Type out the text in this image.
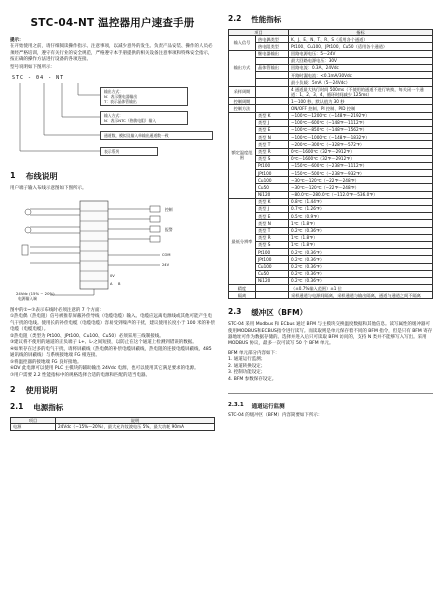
STC-04-NT 温控器用户速查手册

提示：

在开始使用之前，请仔细阅读操作指示、注意事项，以减少意外的发生。负责产品安装、操作的人员必须经严格培训，遵守有关行业的安全规范，严格遵守本手册提供的相关设备注意事项和特殊安全指示，按正确的操作方法进行设备的各项连接。

型号说明如下图所示：

STC - 04 - NT
输出方式：
N：表示继电器输出
T：表示晶体管输出
输入方式：
N：表示NTC（热敏电阻）输入
通道数，模拟及输入单输出通道数一致
表示系列
1 布线说明

用户端子输入布线示意图如下图所示。

控制
报警
COM
24V
0V
A B
24Vdc (15% ~ 20%)
电源输入端

图中的①~⑦表示布线时必须注意的 7 个方面：

①热电偶（热电阻）信号被推荐屏蔽补偿导线（电缆电缆）输入。电缆应远离电源线或其他可能产生电气干扰的电线。使用长的补偿电缆（电缆电缆）容易受到噪声的干扰，建议使用长度小于 100 米的补偿电缆（电缆电缆）。

②热电阻（类型为 Pt100、JPt100、Cu100、Cu50）必须采用三线制接线。

③建议将不使用的通道的正负端子 L+、L-之间短接，以防止在这个通道上检测到错误的数据。

④如果存在过多的电气干扰，请将屏蔽线（热电偶的补偿电缆屏蔽线，热电阻的连接电缆屏蔽线，485 通讯线的屏蔽线）与系统接地端 FG 相连接。

⑤将温控器的接地端 FG 良好接地。

⑥DV 此电源可以使用 PLC 主模块的辅助输出 24Vdc 电源，也可以使用其它满足要求的电源。

⑦用户需要 2.2 性能指标中的规格选择合适的电源和匹配的适当电器。

2 使用说明
2.1 电源指标
项目	说明
电源	24Vdc（−15%～20%），最大允许纹波电压 5%，最大功耗 90mA
2.2 性能指标
项目		指标
输入信号	热电偶类型	K、J、E、N、T、R、S（适用各个通道）
	热电阻类型	Pt100、Cu100、JPt100、Cu50（适用各个通道）
输出方式	继电器输出	回路电源电压：5～24V
		最大回路电源电压：30V
	晶体管输出	回路电流：0.3A，24Vdc
		开路时漏电流：<0.1mA/30Vdc
		最小负载：5mA（5～24Vdc）
采样周期		4 通道最大执行时间 500ms（不使用的通道不进行转换，每关闭一个通道：1、2、3、4，循环时间减少 125ms）
控制周期		1～100 秒，默认值为 30 秒
控制方法		ON/OFF 控制、PI 控制、PID 控制
额定温度范围	类型 K	−100℃～1200℃（−148℉～2192℉）
	类型 J	−100℃～600℃（−148℉～1112℉）
	类型 E	−100℃～850℃（−148℉～1562℉）
	类型 N	−100℃～1000℃（−148℉～1832℉）
	类型 T	−200℃～300℃（−328℉～572℉）
	类型 R	0℃～1600℃（32℉～2912℉）
	类型 S	0℃～1600℃（32℉～2912℉）
	Pt100	−150℃～600℃（−238℉～1112℉）
	JPt100	−150℃～500℃（−238℉～932℉）
	Cu100	−30℃～120℃（−22℉～248℉）
	Cu50	−30℃～120℃（−22℉～248℉）
	Ni120	−80.0℃～280.0℃（−112.0℉～536.0℉）
最低分辨率	类型 K	0.8℃（1.44℉）
	类型 J	0.7℃（1.26℉）
	类型 E	0.5℃（0.9℉）
	类型 N	1℃（1.8℉）
	类型 T	0.2℃（0.36℉）
	类型 R	1℃（1.8℉）
	类型 S	1℃（1.8℉）
	Pt100	0.2℃（0.36℉）
	JPt100	0.2℃（0.36℉）
	Cu100	0.2℃（0.36℉）
	Cu50	0.2℃（0.36℉）
	Ni120	0.2℃（0.36℉）
精度		（±0.7%输入范围）±1 位
隔离		采样通道与电源间隔离，采样通道与输出隔离，通道与通道之间不隔离
2.3 缓冲区（BFM）

STC-04 采用 Modbus 和 ECbus 通过 BFM 与主模块交换温度数据和其他信息。读写属性的缓冲器可使用MODBUS和ECBUS指令进行读写。而读取则是单元保存着不同的 BFM 指令，但是只有 BFM 寄存器地址可作为数据存储的。选择并进入后只可读取 BFM 访问的，支持 N 类并不能够写入写出。采用 MODBUS 协议，最多一次可读写 50 个 BFM 单元。

BFM 单元部分内容如下：

1. 通道运行监测；

2. 通道转换设定；

3. 控制功能设定；

4. BFM 参数保存设定。

2.3.1 通道运行监测

STC-04 的缓冲区（BFM）内容简要如下所示：
